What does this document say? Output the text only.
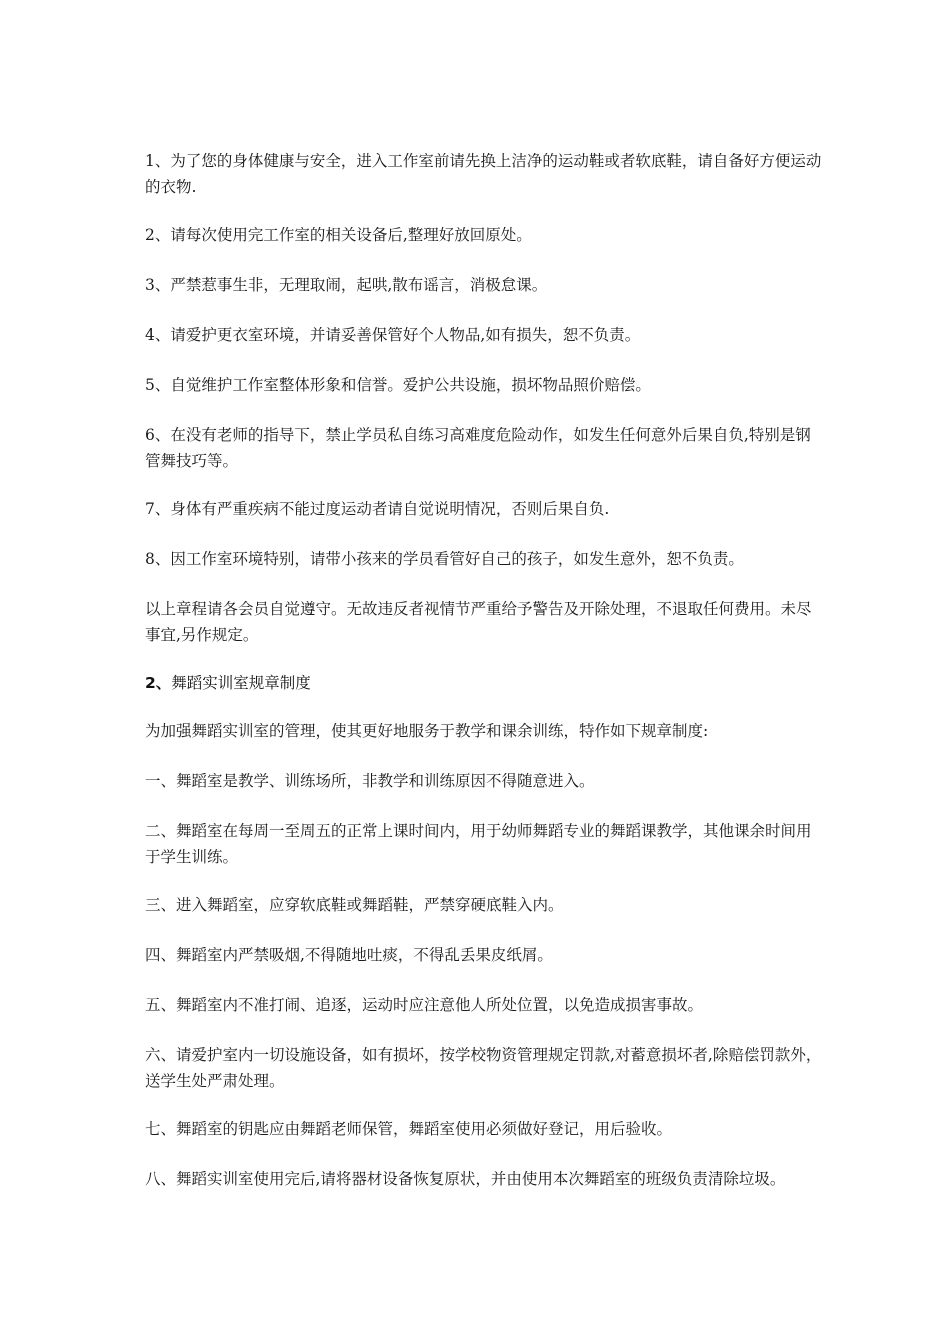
1、为了您的身体健康与安全，进入工作室前请先换上洁净的运动鞋或者软底鞋，请自备好方便运动的衣物.

2、请每次使用完工作室的相关设备后,整理好放回原处。

3、严禁惹事生非，无理取闹，起哄,散布谣言，消极怠课。

4、请爱护更衣室环境，并请妥善保管好个人物品,如有损失，恕不负责。

5、自觉维护工作室整体形象和信誉。爱护公共设施，损坏物品照价赔偿。

6、在没有老师的指导下，禁止学员私自练习高难度危险动作，如发生任何意外后果自负,特别是钢管舞技巧等。

7、身体有严重疾病不能过度运动者请自觉说明情况，否则后果自负.

8、因工作室环境特别，请带小孩来的学员看管好自己的孩子，如发生意外，恕不负责。

以上章程请各会员自觉遵守。无故违反者视情节严重给予警告及开除处理，不退取任何费用。未尽事宜,另作规定。

2、舞蹈实训室规章制度

为加强舞蹈实训室的管理，使其更好地服务于教学和课余训练，特作如下规章制度:

一、舞蹈室是教学、训练场所，非教学和训练原因不得随意进入。

二、舞蹈室在每周一至周五的正常上课时间内，用于幼师舞蹈专业的舞蹈课教学，其他课余时间用于学生训练。

三、进入舞蹈室，应穿软底鞋或舞蹈鞋，严禁穿硬底鞋入内。

四、舞蹈室内严禁吸烟,不得随地吐痰，不得乱丢果皮纸屑。

五、舞蹈室内不准打闹、追逐，运动时应注意他人所处位置，以免造成损害事故。

六、请爱护室内一切设施设备，如有损坏，按学校物资管理规定罚款,对蓄意损坏者,除赔偿罚款外，送学生处严肃处理。

七、舞蹈室的钥匙应由舞蹈老师保管，舞蹈室使用必须做好登记，用后验收。

八、舞蹈实训室使用完后,请将器材设备恢复原状，并由使用本次舞蹈室的班级负责清除垃圾。
